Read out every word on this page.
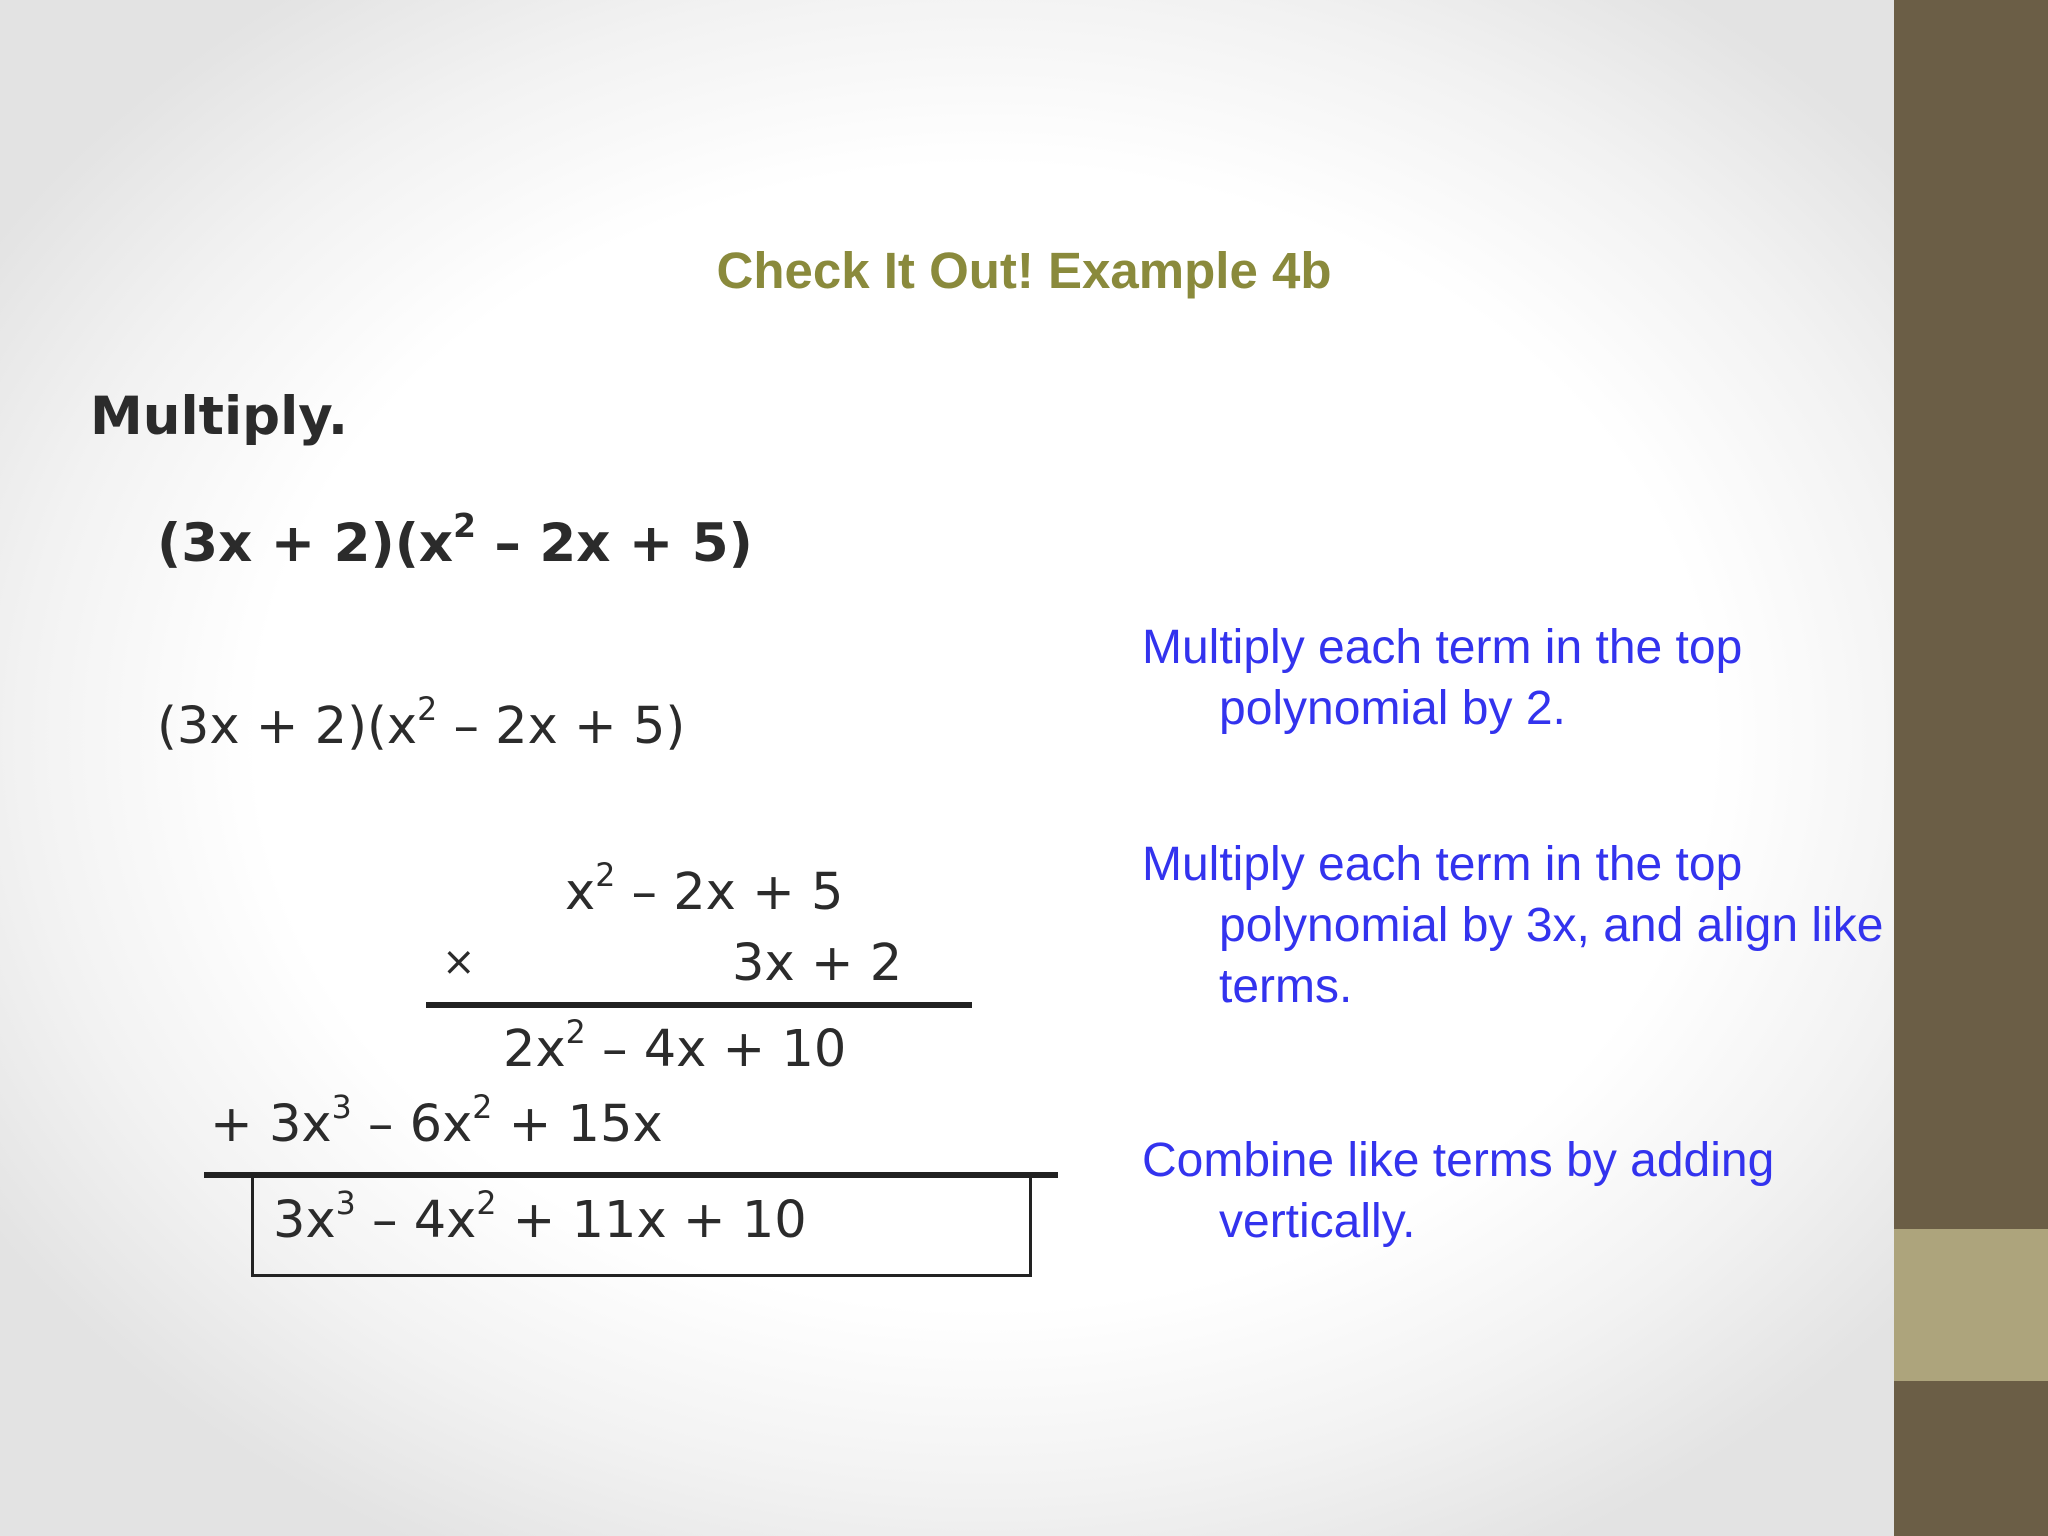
Check It Out! Example 4b

Multiply.

$(3x + 2)(x^2 - 2x + 5)$

$(3x + 2)(x^2 - 2x + 5)$

$x^2 - 2x + 5$

×	3x + 2

$2x^2 - 4x + 10$

+ $3x^3 - 6x^2 + 15x$

$3x^3 - 4x^2 + 11x + 10$

Multiply each term in the top polynomial by 2.

Multiply each term in the top polynomial by 3x, and align like terms.

Combine like terms by adding vertically.
